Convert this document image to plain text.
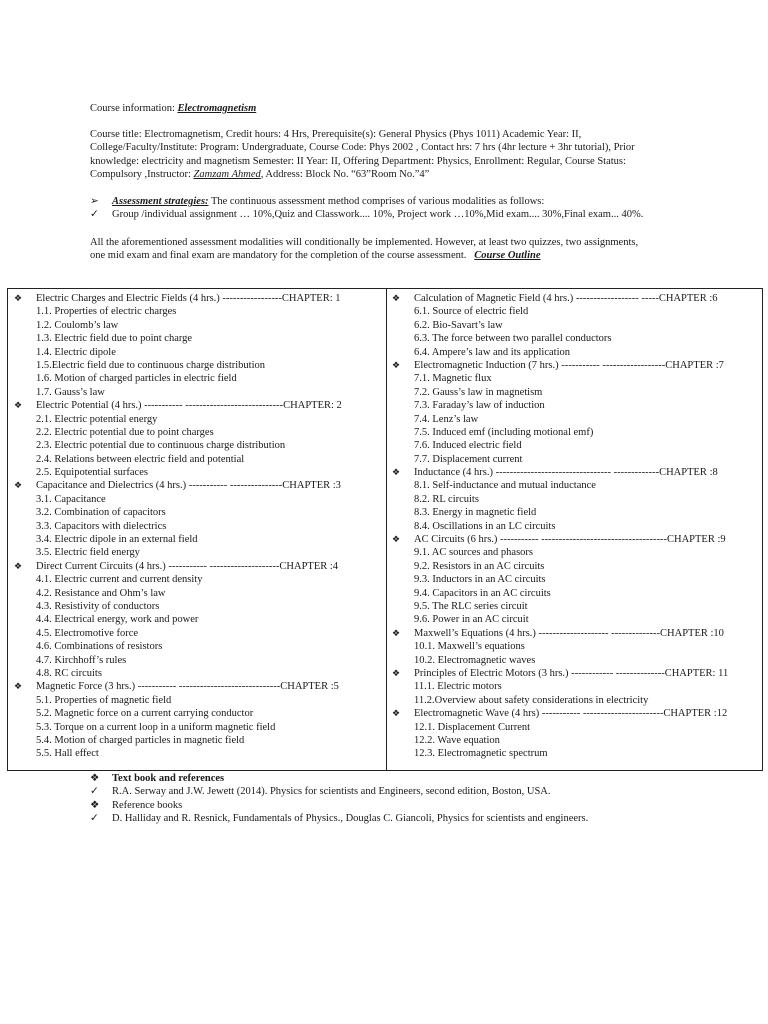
Course information: Electromagnetism
Course title: Electromagnetism, Credit hours: 4 Hrs, Prerequisite(s): General Physics (Phys 1011) Academic Year: II,
College/Faculty/Institute: Program: Undergraduate, Course Code: Phys 2002 , Contact hrs: 7 hrs (4hr lecture + 3hr tutorial), Prior
knowledge: electricity and magnetism Semester: II Year: II, Offering Department: Physics, Enrollment: Regular, Course Status:
Compulsory ,Instructor: Zamzam Ahmed, Address: Block No. “63”Room No.”4”
➢ Assessment strategies: The continuous assessment method comprises of various modalities as follows:
✓ Group /individual assignment … 10%,Quiz and Classwork.... 10%, Project work …10%,Mid exam.... 30%,Final exam... 40%.
All the aforementioned assessment modalities will conditionally be implemented. However, at least two quizzes, two assignments,
one mid exam and final exam are mandatory for the completion of the course assessment. Course Outline
❖ Electric Charges and Electric Fields (4 hrs.) -----------------CHAPTER: 1
1.1. Properties of electric charges
1.2. Coulomb’s law
1.3. Electric field due to point charge
1.4. Electric dipole
1.5.Electric field due to continuous charge distribution
1.6. Motion of charged particles in electric field
1.7. Gauss’s law
❖ Electric Potential (4 hrs.) ----------- ----------------------------CHAPTER: 2
2.1. Electric potential energy
2.2. Electric potential due to point charges
2.3. Electric potential due to continuous charge distribution
2.4. Relations between electric field and potential
2.5. Equipotential surfaces
❖ Capacitance and Dielectrics (4 hrs.) ----------- ---------------CHAPTER :3
3.1. Capacitance
3.2. Combination of capacitors
3.3. Capacitors with dielectrics
3.4. Electric dipole in an external field
3.5. Electric field energy
❖ Direct Current Circuits (4 hrs.) ----------- --------------------CHAPTER :4
4.1. Electric current and current density
4.2. Resistance and Ohm’s law
4.3. Resistivity of conductors
4.4. Electrical energy, work and power
4.5. Electromotive force
4.6. Combinations of resistors
4.7. Kirchhoff’s rules
4.8. RC circuits
❖ Magnetic Force (3 hrs.) ----------- -----------------------------CHAPTER :5
5.1. Properties of magnetic field
5.2. Magnetic force on a current carrying conductor
5.3. Torque on a current loop in a uniform magnetic field
5.4. Motion of charged particles in magnetic field
5.5. Hall effect
❖ Calculation of Magnetic Field (4 hrs.) ------------------ -----CHAPTER :6
6.1. Source of electric field
6.2. Bio-Savart’s law
6.3. The force between two parallel conductors
6.4. Ampere’s law and its application
❖ Electromagnetic Induction (7 hrs.) ----------- ------------------CHAPTER :7
7.1. Magnetic flux
7.2. Gauss’s law in magnetism
7.3. Faraday’s law of induction
7.4. Lenz’s law
7.5. Induced emf (including motional emf)
7.6. Induced electric field
7.7. Displacement current
❖ Inductance (4 hrs.) --------------------------------- -------------CHAPTER :8
8.1. Self-inductance and mutual inductance
8.2. RL circuits
8.3. Energy in magnetic field
8.4. Oscillations in an LC circuits
❖ AC Circuits (6 hrs.) ----------- ------------------------------------CHAPTER :9
9.1. AC sources and phasors
9.2. Resistors in an AC circuits
9.3. Inductors in an AC circuits
9.4. Capacitors in an AC circuits
9.5. The RLC series circuit
9.6. Power in an AC circuit
❖ Maxwell’s Equations (4 hrs.) -------------------- --------------CHAPTER :10
10.1. Maxwell’s equations
10.2. Electromagnetic waves
❖ Principles of Electric Motors (3 hrs.) ------------ --------------CHAPTER: 11
11.1. Electric motors
11.2.Overview about safety considerations in electricity
❖ Electromagnetic Wave (4 hrs) ----------- -----------------------CHAPTER :12
12.1. Displacement Current
12.2. Wave equation
12.3. Electromagnetic spectrum
❖ Text book and references
✓ R.A. Serway and J.W. Jewett (2014). Physics for scientists and Engineers, second edition, Boston, USA.
❖ Reference books
✓ D. Halliday and R. Resnick, Fundamentals of Physics., Douglas C. Giancoli, Physics for scientists and engineers.
